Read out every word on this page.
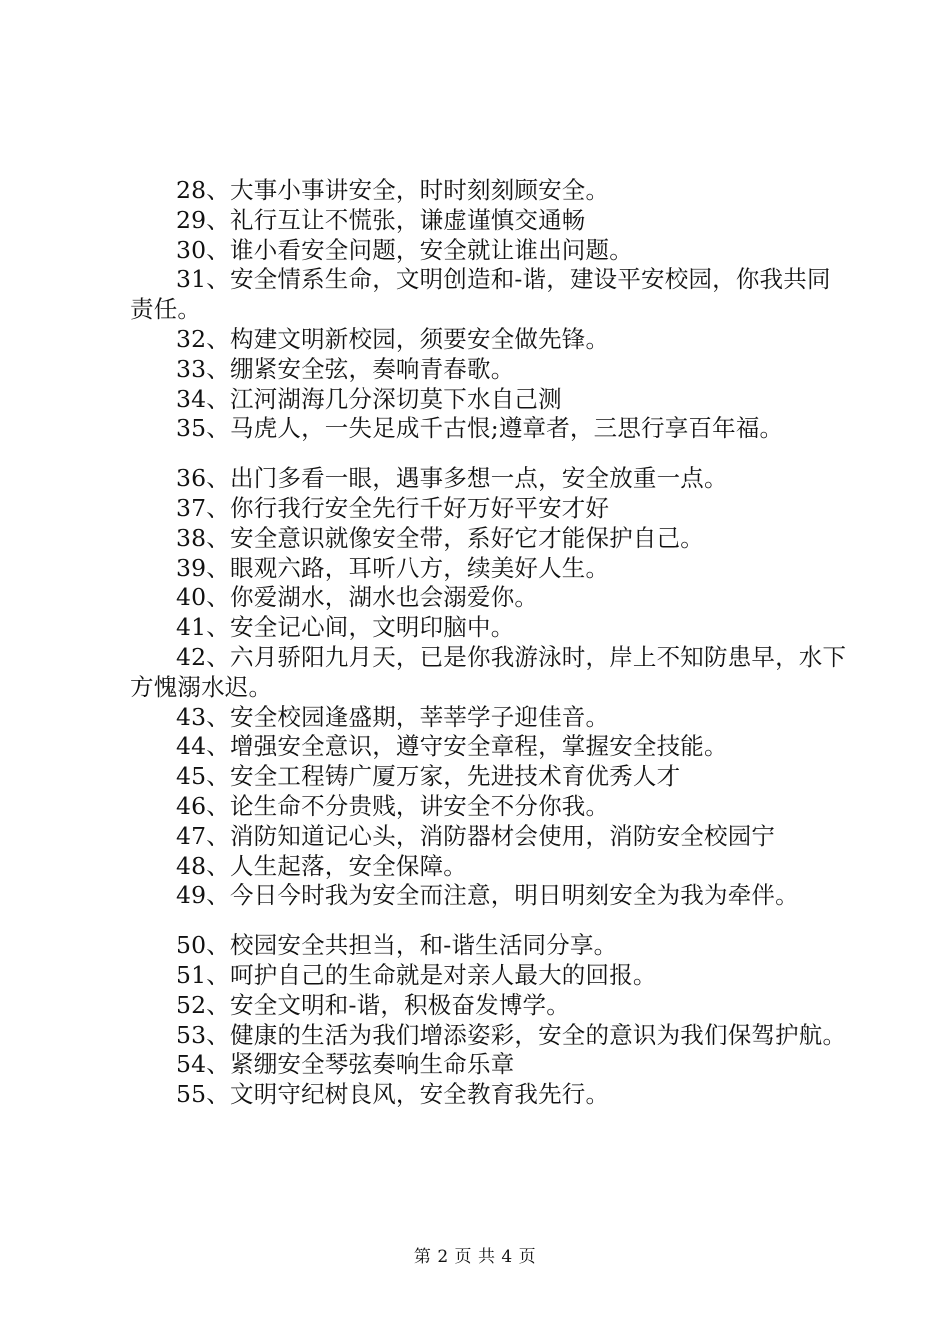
28、大事小事讲安全，时时刻刻顾安全。
29、礼行互让不慌张，谦虚谨慎交通畅
30、谁小看安全问题，安全就让谁出问题。
31、安全情系生命，文明创造和-谐，建设平安校园，你我共同责任。
32、构建文明新校园，须要安全做先锋。
33、绷紧安全弦，奏响青春歌。
34、江河湖海几分深切莫下水自己测
35、马虎人，一失足成千古恨;遵章者，三思行享百年福。
36、出门多看一眼，遇事多想一点，安全放重一点。
37、你行我行安全先行千好万好平安才好
38、安全意识就像安全带，系好它才能保护自己。
39、眼观六路，耳听八方，续美好人生。
40、你爱湖水，湖水也会溺爱你。
41、安全记心间，文明印脑中。
42、六月骄阳九月天，已是你我游泳时，岸上不知防患早，水下方愧溺水迟。
43、安全校园逢盛期，莘莘学子迎佳音。
44、增强安全意识，遵守安全章程，掌握安全技能。
45、安全工程铸广厦万家，先进技术育优秀人才
46、论生命不分贵贱，讲安全不分你我。
47、消防知道记心头，消防器材会使用，消防安全校园宁
48、人生起落，安全保障。
49、今日今时我为安全而注意，明日明刻安全为我为牵伴。
50、校园安全共担当，和-谐生活同分享。
51、呵护自己的生命就是对亲人最大的回报。
52、安全文明和-谐，积极奋发博学。
53、健康的生活为我们增添姿彩，安全的意识为我们保驾护航。
54、紧绷安全琴弦奏响生命乐章
55、文明守纪树良风，安全教育我先行。
第 2 页 共 4 页
